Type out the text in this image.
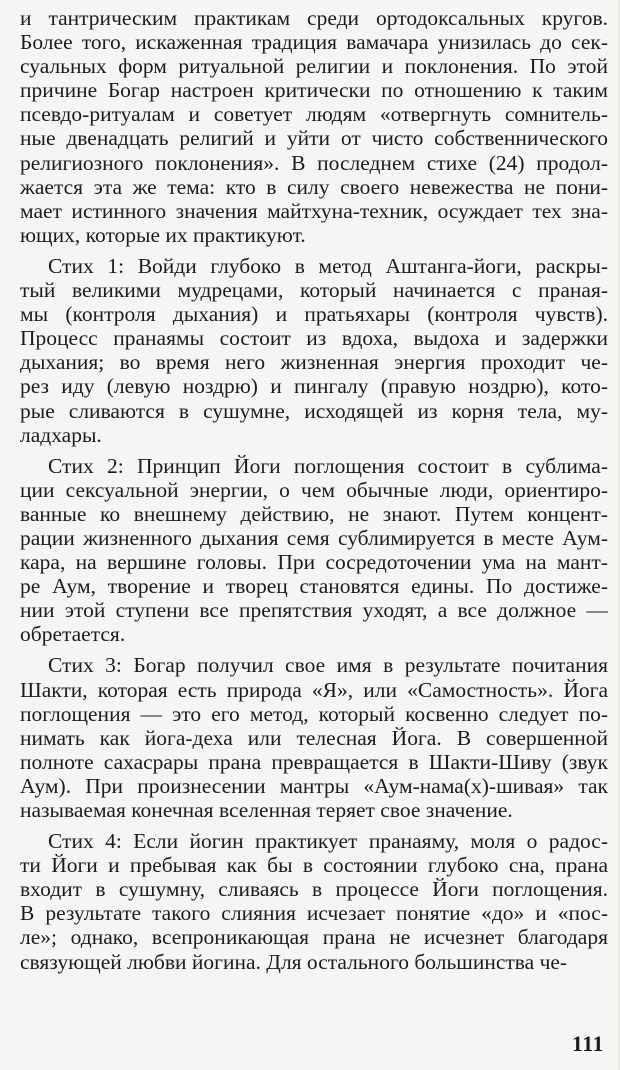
и тантрическим практикам среди ортодоксальных кругов.
Более того, искаженная традиция вамачара унизилась до сек-
суальных форм ритуальной религии и поклонения. По этой
причине Богар настроен критически по отношению к таким
псевдо-ритуалам и советует людям «отвергнуть сомнитель-
ные двенадцать религий и уйти от чисто собственнического
религиозного поклонения». В последнем стихе (24) продол-
жается эта же тема: кто в силу своего невежества не пони-
мает истинного значения майтхуна-техник, осуждает тех зна-
ющих, которые их практикуют.
Стих 1: Войди глубоко в метод Аштанга-йоги, раскры-
тый великими мудрецами, который начинается с праная-
мы (контроля дыхания) и пратьяхары (контроля чувств).
Процесс пранаямы состоит из вдоха, выдоха и задержки
дыхания; во время него жизненная энергия проходит че-
рез иду (левую ноздрю) и пингалу (правую ноздрю), кото-
рые сливаются в сушумне, исходящей из корня тела, му-
ладхары.
Стих 2: Принцип Йоги поглощения состоит в сублима-
ции сексуальной энергии, о чем обычные люди, ориентиро-
ванные ко внешнему действию, не знают. Путем концент-
рации жизненного дыхания семя сублимируется в месте Аум-
кара, на вершине головы. При сосредоточении ума на мант-
ре Аум, творение и творец становятся едины. По достиже-
нии этой ступени все препятствия уходят, а все должное —
обретается.
Стих 3: Богар получил свое имя в результате почитания
Шакти, которая есть природа «Я», или «Самостность». Йога
поглощения — это его метод, который косвенно следует по-
нимать как йога-деха или телесная Йога. В совершенной
полноте сахасрары прана превращается в Шакти-Шиву (звук
Аум). При произнесении мантры «Аум-нама(х)-шивая» так
называемая конечная вселенная теряет свое значение.
Стих 4: Если йогин практикует пранаяму, моля о радос-
ти Йоги и пребывая как бы в состоянии глубоко сна, прана
входит в сушумну, сливаясь в процессе Йоги поглощения.
В результате такого слияния исчезает понятие «до» и «пос-
ле»; однако, всепроникающая прана не исчезнет благодаря
связующей любви йогина. Для остального большинства че-
111
